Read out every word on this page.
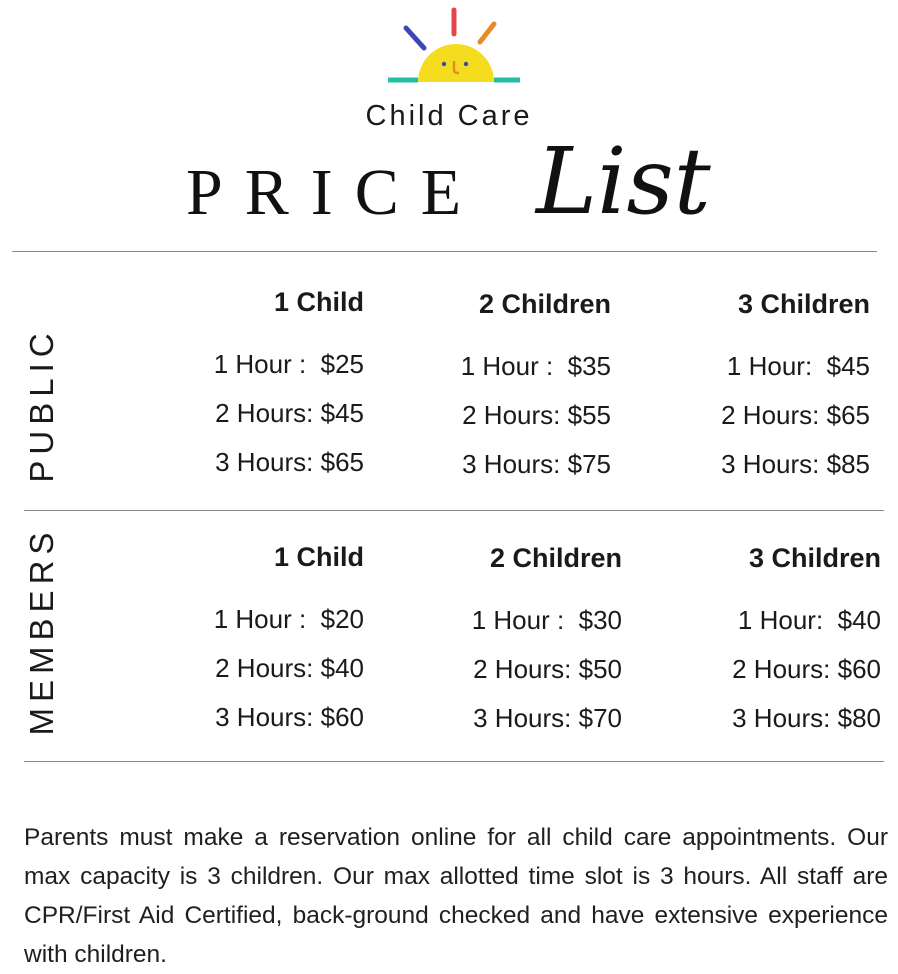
Child Care
PRICE List
PUBLIC
1 Child
1 Hour :  $25
2 Hours: $45
3 Hours: $65
2 Children
1 Hour :  $35
2 Hours: $55
3 Hours: $75
3 Children
1 Hour:  $45
2 Hours: $65
3 Hours: $85
MEMBERS	1 Child
1 Hour :  $20
2 Hours: $40
3 Hours: $60
2 Children
1 Hour :  $30
2 Hours: $50
3 Hours: $70
3 Children
1 Hour:  $40
2 Hours: $60
3 Hours: $80

Parents must make a reservation online for all child care appointments. Our max capacity is 3 children. Our max allotted time slot is 3 hours. All staff are CPR/First Aid Certified, back-ground checked and have extensive experience with children.
